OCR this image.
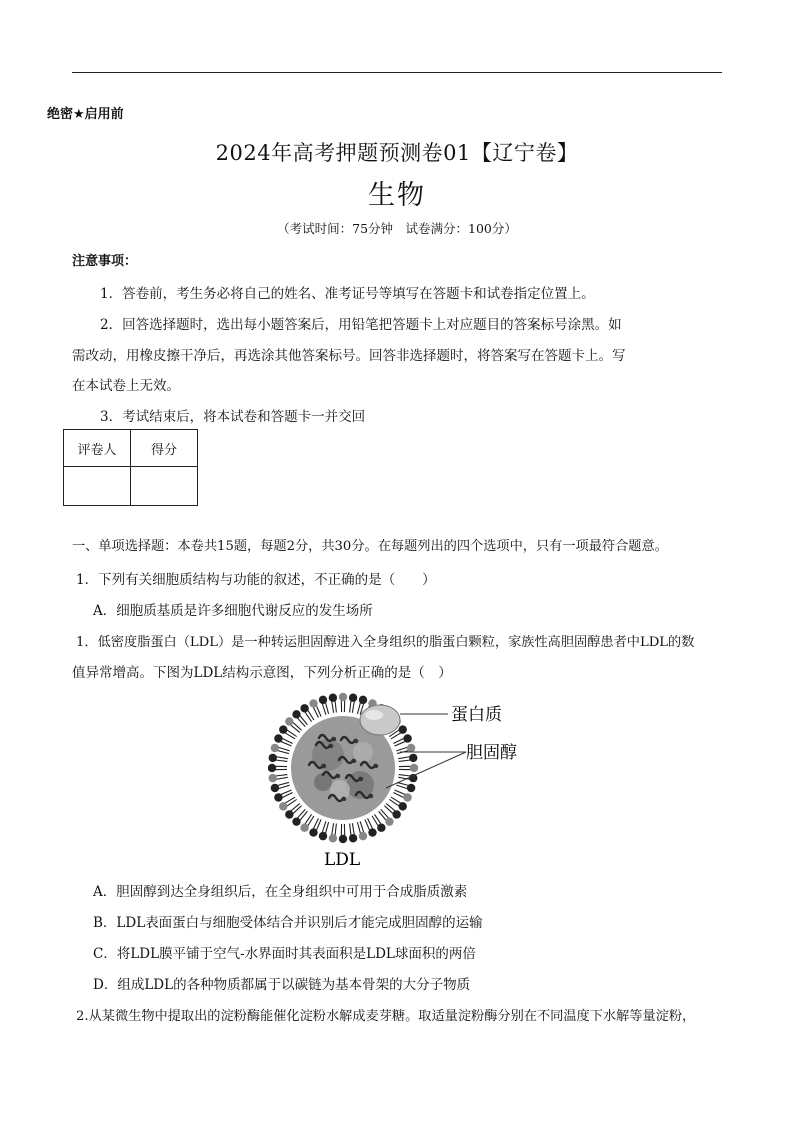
绝密★启用前
2024年高考押题预测卷01【辽宁卷】
生物
（考试时间：75分钟　试卷满分：100分）
注意事项：
1．答卷前，考生务必将自己的姓名、准考证号等填写在答题卡和试卷指定位置上。
2．回答选择题时，选出每小题答案后，用铅笔把答题卡上对应题目的答案标号涂黑。如
需改动，用橡皮擦干净后，再选涂其他答案标号。回答非选择题时，将答案写在答题卡上。写
在本试卷上无效。
3．考试结束后，将本试卷和答题卡一并交回
评卷人	得分

一、单项选择题：本卷共15题，每题2分，共30分。在每题列出的四个选项中，只有一项最符合题意。
1．下列有关细胞质结构与功能的叙述，不正确的是（　　）
A．细胞质基质是许多细胞代谢反应的发生场所
1．低密度脂蛋白（LDL）是一种转运胆固醇进入全身组织的脂蛋白颗粒，家族性高胆固醇患者中LDL的数
值异常增高。下图为LDL结构示意图，下列分析正确的是（　）
蛋白质
胆固醇
LDL
A．胆固醇到达全身组织后，在全身组织中可用于合成脂质激素
B．LDL表面蛋白与细胞受体结合并识别后才能完成胆固醇的运输
C．将LDL膜平铺于空气-水界面时其表面积是LDL球面积的两倍
D．组成LDL的各种物质都属于以碳链为基本骨架的大分子物质
2.从某微生物中提取出的淀粉酶能催化淀粉水解成麦芽糖。取适量淀粉酶分别在不同温度下水解等量淀粉，
